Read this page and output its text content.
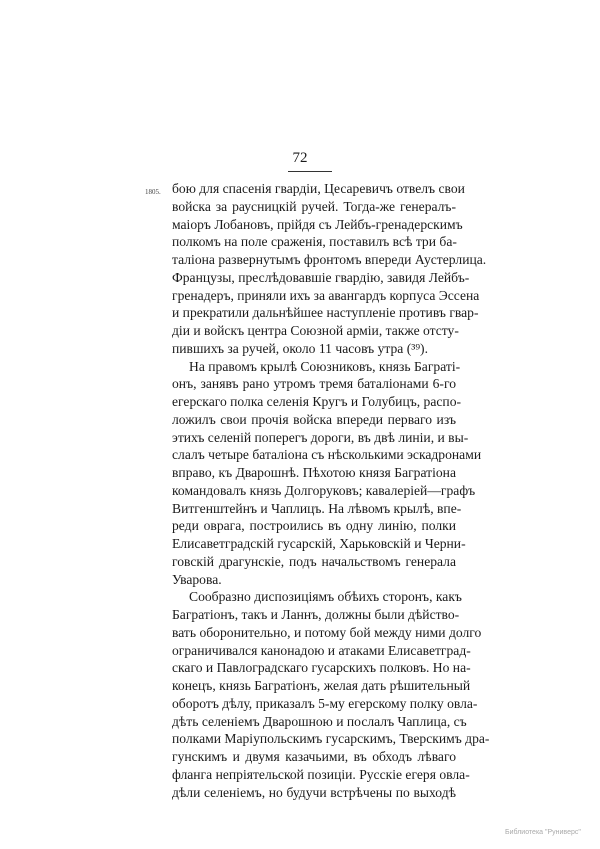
72
1805. бою для спасенія гвардіи, Цесаревичъ отвелъ свои
войска за раусницкій ручей. Тогда-же генералъ-
маіоръ Лобановъ, прійдя съ Лейбъ-гренадерскимъ
полкомъ на поле сраженія, поставилъ всѣ три ба-
таліона развернутымъ фронтомъ впереди Аустерлица.
Французы, преслѣдовавшіе гвардію, завидя Лейбъ-
гренадеръ, приняли ихъ за авангардъ корпуса Эссена
и прекратили дальнѣйшее наступленіе противъ гвар-
діи и войскъ центра Союзной арміи, также отсту-
пившихъ за ручей, около 11 часовъ утра (³⁹).
На правомъ крылѣ Союзниковъ, князь Багратi-
онъ, занявъ рано утромъ тремя баталіонами 6-го
егерскаго полка селенія Кругъ и Голубицъ, распо-
ложилъ свои прочія войска впереди перваго изъ
этихъ селеній поперегъ дороги, въ двѣ линіи, и вы-
слалъ четыре баталіона съ нѣсколькими эскадронами
вправо, къ Дварошнѣ. Пѣхотою князя Багратіона
командовалъ князь Долгоруковъ; кавалеріей—графъ
Витгенштейнъ и Чаплицъ. На лѣвомъ крылѣ, впе-
реди оврага, построились въ одну линію, полки
Елисаветградскій гусарскій, Харьковскій и Черни-
говскій драгунскіе, подъ начальствомъ генерала
Уварова.
Сообразно диспозиціямъ обѣихъ сторонъ, какъ
Багратіонъ, такъ и Ланнъ, должны были дѣйство-
вать оборонительно, и потому бой между ними долго
ограничивался канонадою и атаками Елисаветград-
скаго и Павлоградскаго гусарскихъ полковъ. Но на-
конецъ, князь Багратіонъ, желая дать рѣшительный
оборотъ дѣлу, приказалъ 5-му егерскому полку овла-
дѣть селеніемъ Дварошною и послалъ Чаплица, съ
полками Маріупольскимъ гусарскимъ, Тверскимъ дра-
гунскимъ и двумя казачьими, въ обходъ лѣваго
фланга непріятельской позиціи. Русскіе егеря овла-
дѣли селеніемъ, но будучи встрѣчены по выходѣ
Библиотека "Руниверс"
